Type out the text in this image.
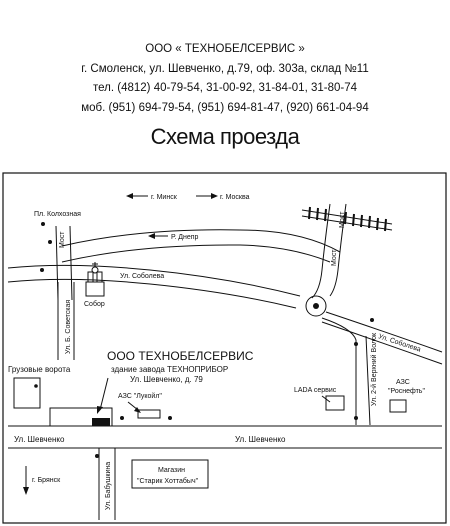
ООО « ТЕХНОБЕЛСЕРВИС »
г. Смоленск, ул. Шевченко, д.79, оф. 303а, склад №11
тел. (4812) 40-79-54, 31-00-92, 31-84-01, 31-80-74
моб. (951) 694-79-54, (951) 694-81-47, (920) 661-04-94
Схема проезда
г. Минск	г. Москва
Р. Днепр
Пл. Колхозная
Мост
Ул. Соболева
Собор
Ул. Б. Советская
Мост
Мост
Ул. Соболева
Ул. 2-й Верхний Волок
Ул. Шевченко	Ул. Шевченко
Ул. Бабушкина
Грузовые ворота
ООО ТЕХНОБЕЛСЕРВИС
здание завода ТЕХНОПРИБОР
Ул. Шевченко, д. 79
АЗС "Лукойл"
LADA сервис
АЗС
"Роснефть"
Магазин
"Старик Хоттабыч"
г. Брянск
